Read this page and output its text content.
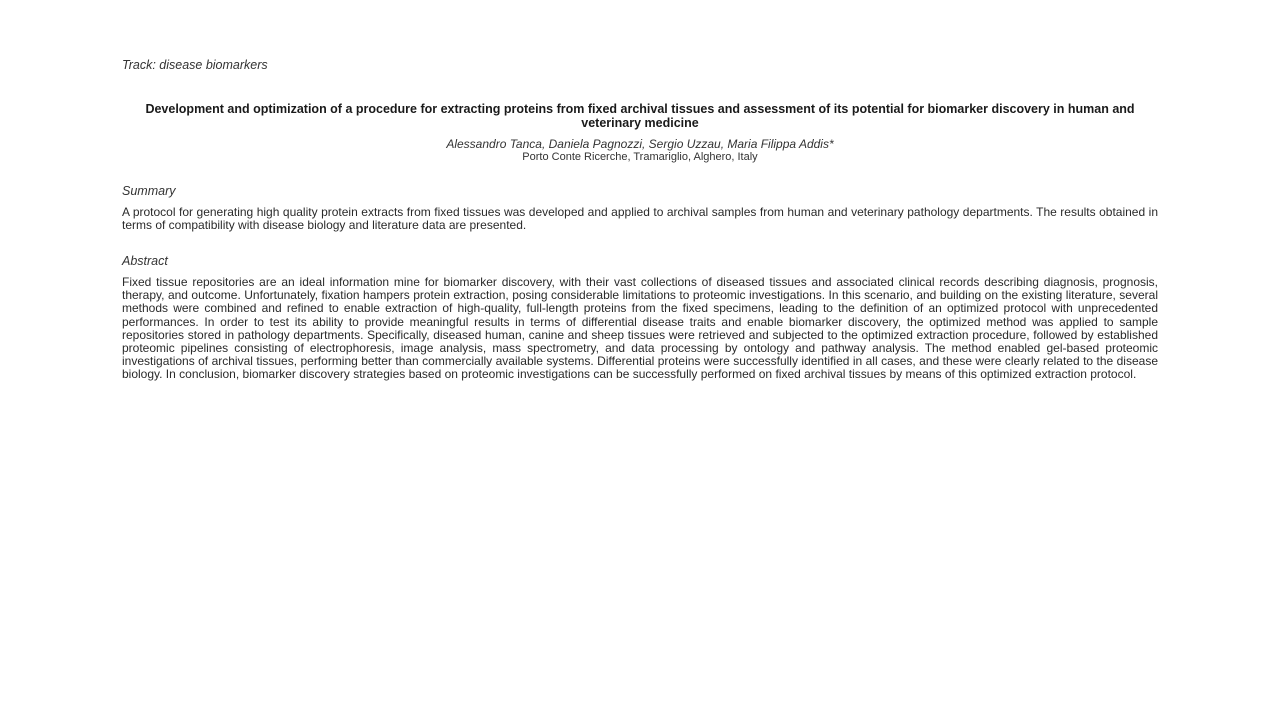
Track: disease biomarkers
Development and optimization of a procedure for extracting proteins from fixed archival tissues and assessment of its potential for biomarker discovery in human and veterinary medicine
Alessandro Tanca, Daniela Pagnozzi, Sergio Uzzau, Maria Filippa Addis*
Porto Conte Ricerche, Tramariglio, Alghero, Italy
Summary
A protocol for generating high quality protein extracts from fixed tissues was developed and applied to archival samples from human and veterinary pathology departments. The results obtained in terms of compatibility with disease biology and literature data are presented.
Abstract
Fixed tissue repositories are an ideal information mine for biomarker discovery, with their vast collections of diseased tissues and associated clinical records describing diagnosis, prognosis, therapy, and outcome. Unfortunately, fixation hampers protein extraction, posing considerable limitations to proteomic investigations. In this scenario, and building on the existing literature, several methods were combined and refined to enable extraction of high-quality, full-length proteins from the fixed specimens, leading to the definition of an optimized protocol with unprecedented performances. In order to test its ability to provide meaningful results in terms of differential disease traits and enable biomarker discovery, the optimized method was applied to sample repositories stored in pathology departments. Specifically, diseased human, canine and sheep tissues were retrieved and subjected to the optimized extraction procedure, followed by established proteomic pipelines consisting of electrophoresis, image analysis, mass spectrometry, and data processing by ontology and pathway analysis. The method enabled gel-based proteomic investigations of archival tissues, performing better than commercially available systems. Differential proteins were successfully identified in all cases, and these were clearly related to the disease biology. In conclusion, biomarker discovery strategies based on proteomic investigations can be successfully performed on fixed archival tissues by means of this optimized extraction protocol.
